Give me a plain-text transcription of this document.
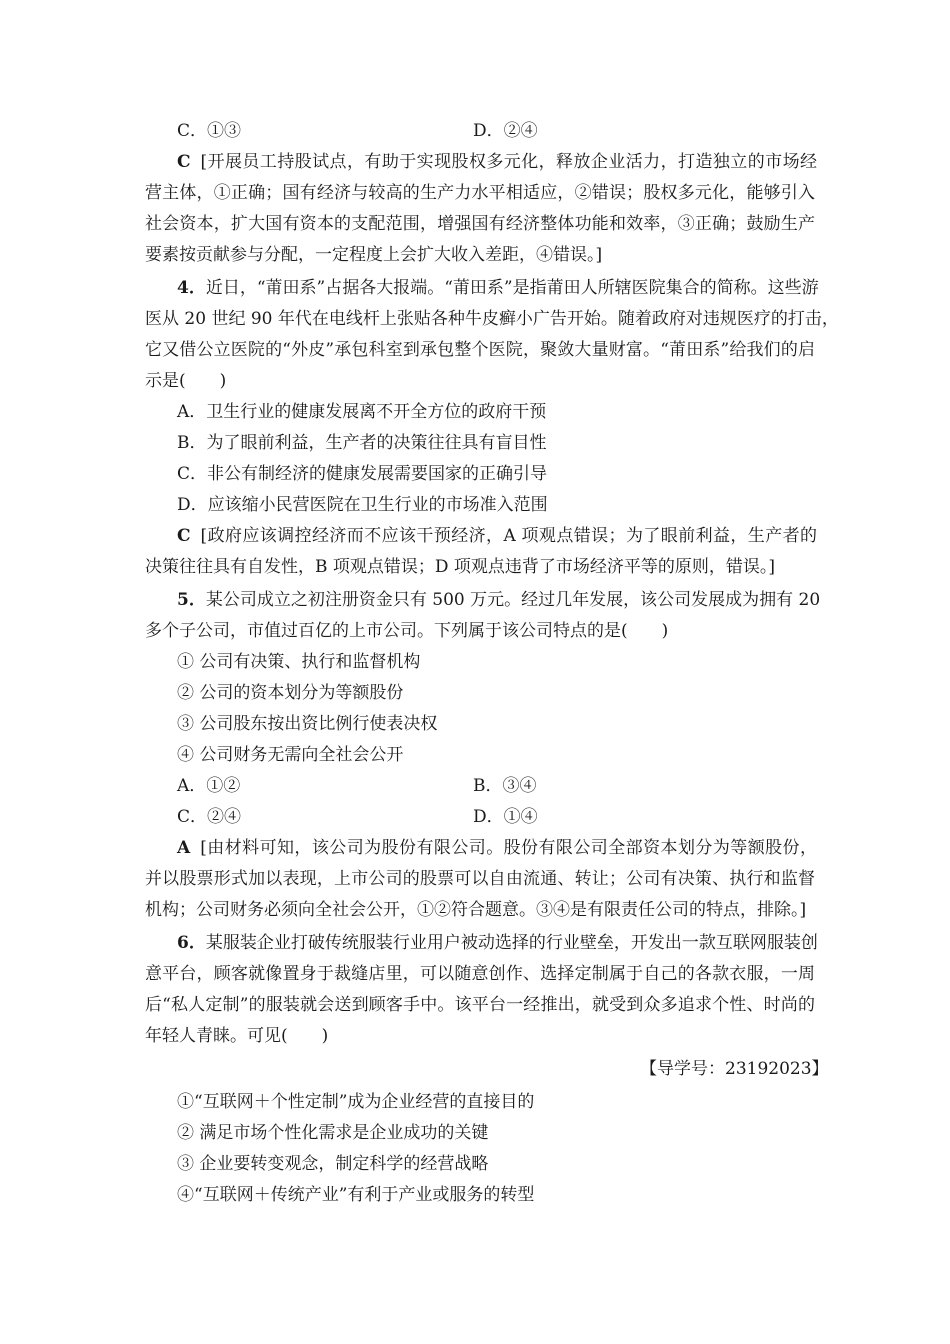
C．①③	D．②④
C [开展员工持股试点，有助于实现股权多元化，释放企业活力，打造独立的市场经
营主体，①正确；国有经济与较高的生产力水平相适应，②错误；股权多元化，能够引入
社会资本，扩大国有资本的支配范围，增强国有经济整体功能和效率，③正确；鼓励生产
要素按贡献参与分配，一定程度上会扩大收入差距，④错误。]
4．近日，“莆田系”占据各大报端。“莆田系”是指莆田人所辖医院集合的简称。这些游
医从 20 世纪 90 年代在电线杆上张贴各种牛皮癣小广告开始。随着政府对违规医疗的打击，
它又借公立医院的“外皮”承包科室到承包整个医院，聚敛大量财富。“莆田系”给我们的启
示是(　　)
A．卫生行业的健康发展离不开全方位的政府干预
B．为了眼前利益，生产者的决策往往具有盲目性
C．非公有制经济的健康发展需要国家的正确引导
D．应该缩小民营医院在卫生行业的市场准入范围
C [政府应该调控经济而不应该干预经济，A 项观点错误；为了眼前利益，生产者的
决策往往具有自发性，B 项观点错误；D 项观点违背了市场经济平等的原则，错误。]
5．某公司成立之初注册资金只有 500 万元。经过几年发展，该公司发展成为拥有 20
多个子公司，市值过百亿的上市公司。下列属于该公司特点的是(　　)
① 公司有决策、执行和监督机构
② 公司的资本划分为等额股份
③ 公司股东按出资比例行使表决权
④ 公司财务无需向全社会公开
A．①②	B．③④
C．②④	D．①④
A [由材料可知，该公司为股份有限公司。股份有限公司全部资本划分为等额股份，
并以股票形式加以表现，上市公司的股票可以自由流通、转让；公司有决策、执行和监督
机构；公司财务必须向全社会公开，①②符合题意。③④是有限责任公司的特点，排除。]
6．某服装企业打破传统服装行业用户被动选择的行业壁垒，开发出一款互联网服装创
意平台，顾客就像置身于裁缝店里，可以随意创作、选择定制属于自己的各款衣服，一周
后“私人定制”的服装就会送到顾客手中。该平台一经推出，就受到众多追求个性、时尚的
年轻人青睐。可见(　　)
【导学号：23192023】
①“互联网＋个性定制”成为企业经营的直接目的
② 满足市场个性化需求是企业成功的关键
③ 企业要转变观念，制定科学的经营战略
④“互联网＋传统产业”有利于产业或服务的转型
